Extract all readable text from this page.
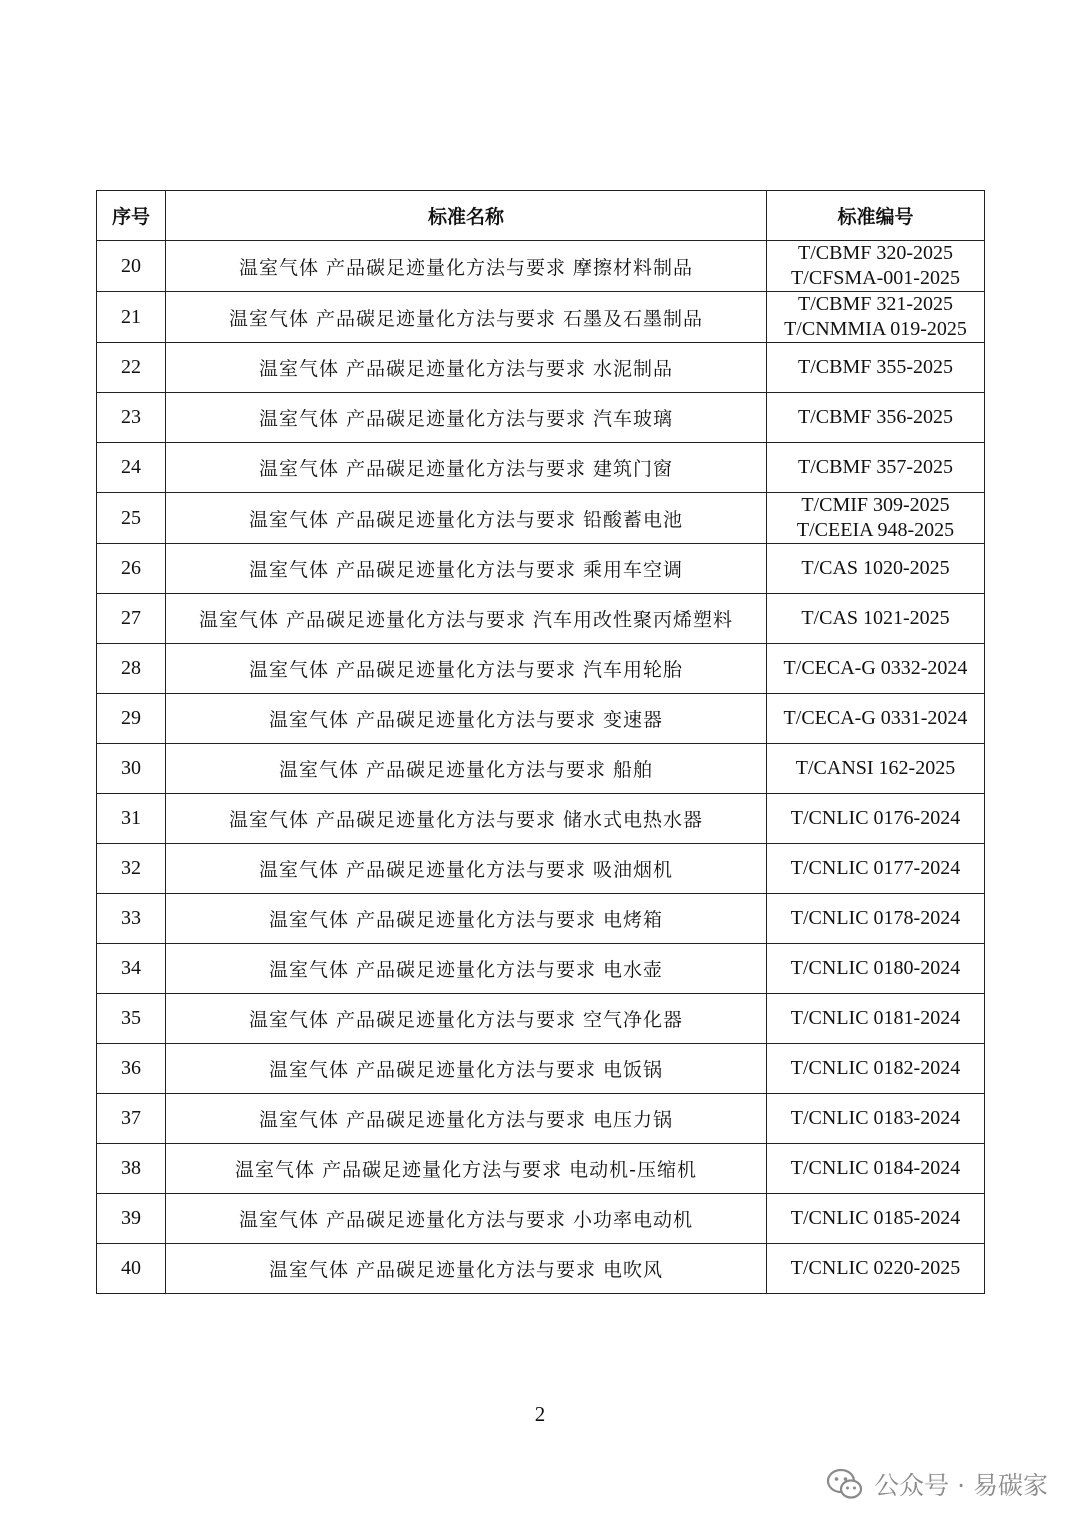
序号	标准名称	标准编号
20	温室气体 产品碳足迹量化方法与要求 摩擦材料制品	T/CBMF 320-2025
T/CFSMA-001-2025

21	温室气体 产品碳足迹量化方法与要求 石墨及石墨制品	T/CBMF 321-2025
T/CNMMIA 019-2025

22	温室气体 产品碳足迹量化方法与要求 水泥制品	T/CBMF 355-2025

23	温室气体 产品碳足迹量化方法与要求 汽车玻璃	T/CBMF 356-2025

24	温室气体 产品碳足迹量化方法与要求 建筑门窗	T/CBMF 357-2025

25	温室气体 产品碳足迹量化方法与要求 铅酸蓄电池	T/CMIF 309-2025
T/CEEIA 948-2025

26	温室气体 产品碳足迹量化方法与要求 乘用车空调	T/CAS 1020-2025

27	温室气体 产品碳足迹量化方法与要求 汽车用改性聚丙烯塑料	T/CAS 1021-2025

28	温室气体 产品碳足迹量化方法与要求 汽车用轮胎	T/CECA-G 0332-2024

29	温室气体 产品碳足迹量化方法与要求 变速器	T/CECA-G 0331-2024

30	温室气体 产品碳足迹量化方法与要求 船舶	T/CANSI 162-2025

31	温室气体 产品碳足迹量化方法与要求 储水式电热水器	T/CNLIC 0176-2024

32	温室气体 产品碳足迹量化方法与要求 吸油烟机	T/CNLIC 0177-2024

33	温室气体 产品碳足迹量化方法与要求 电烤箱	T/CNLIC 0178-2024

34	温室气体 产品碳足迹量化方法与要求 电水壶	T/CNLIC 0180-2024

35	温室气体 产品碳足迹量化方法与要求 空气净化器	T/CNLIC 0181-2024

36	温室气体 产品碳足迹量化方法与要求 电饭锅	T/CNLIC 0182-2024

37	温室气体 产品碳足迹量化方法与要求 电压力锅	T/CNLIC 0183-2024

38	温室气体 产品碳足迹量化方法与要求 电动机-压缩机	T/CNLIC 0184-2024

39	温室气体 产品碳足迹量化方法与要求 小功率电动机	T/CNLIC 0185-2024

40	温室气体 产品碳足迹量化方法与要求 电吹风	T/CNLIC 0220-2025
2
公众号 · 易碳家
